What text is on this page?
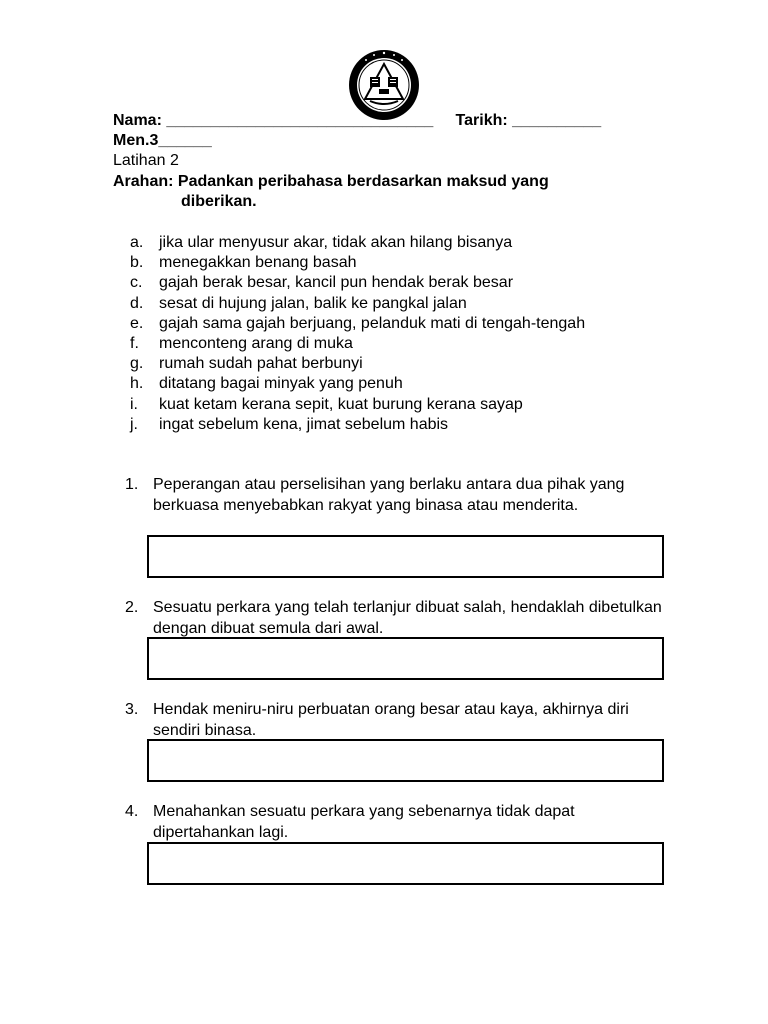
Nama: ______________________________ Tarikh: __________
Men.3______
Latihan 2
Arahan: Padankan peribahasa berdasarkan maksud yang
diberikan.
a. jika ular menyusur akar, tidak akan hilang bisanya
b. menegakkan benang basah
c. gajah berak besar, kancil pun hendak berak besar
d. sesat di hujung jalan, balik ke pangkal jalan
e. gajah sama gajah berjuang, pelanduk mati di tengah-tengah
f. menconteng arang di muka
g. rumah sudah pahat berbunyi
h. ditatang bagai minyak yang penuh
i. kuat ketam kerana sepit, kuat burung kerana sayap
j. ingat sebelum kena, jimat sebelum habis
1. Peperangan atau perselisihan yang berlaku antara dua pihak yang berkuasa menyebabkan rakyat yang binasa atau menderita.
2. Sesuatu perkara yang telah terlanjur dibuat salah, hendaklah dibetulkan dengan dibuat semula dari awal.
3. Hendak meniru-niru perbuatan orang besar atau kaya, akhirnya diri sendiri binasa.
4. Menahankan sesuatu perkara yang sebenarnya tidak dapat dipertahankan lagi.
